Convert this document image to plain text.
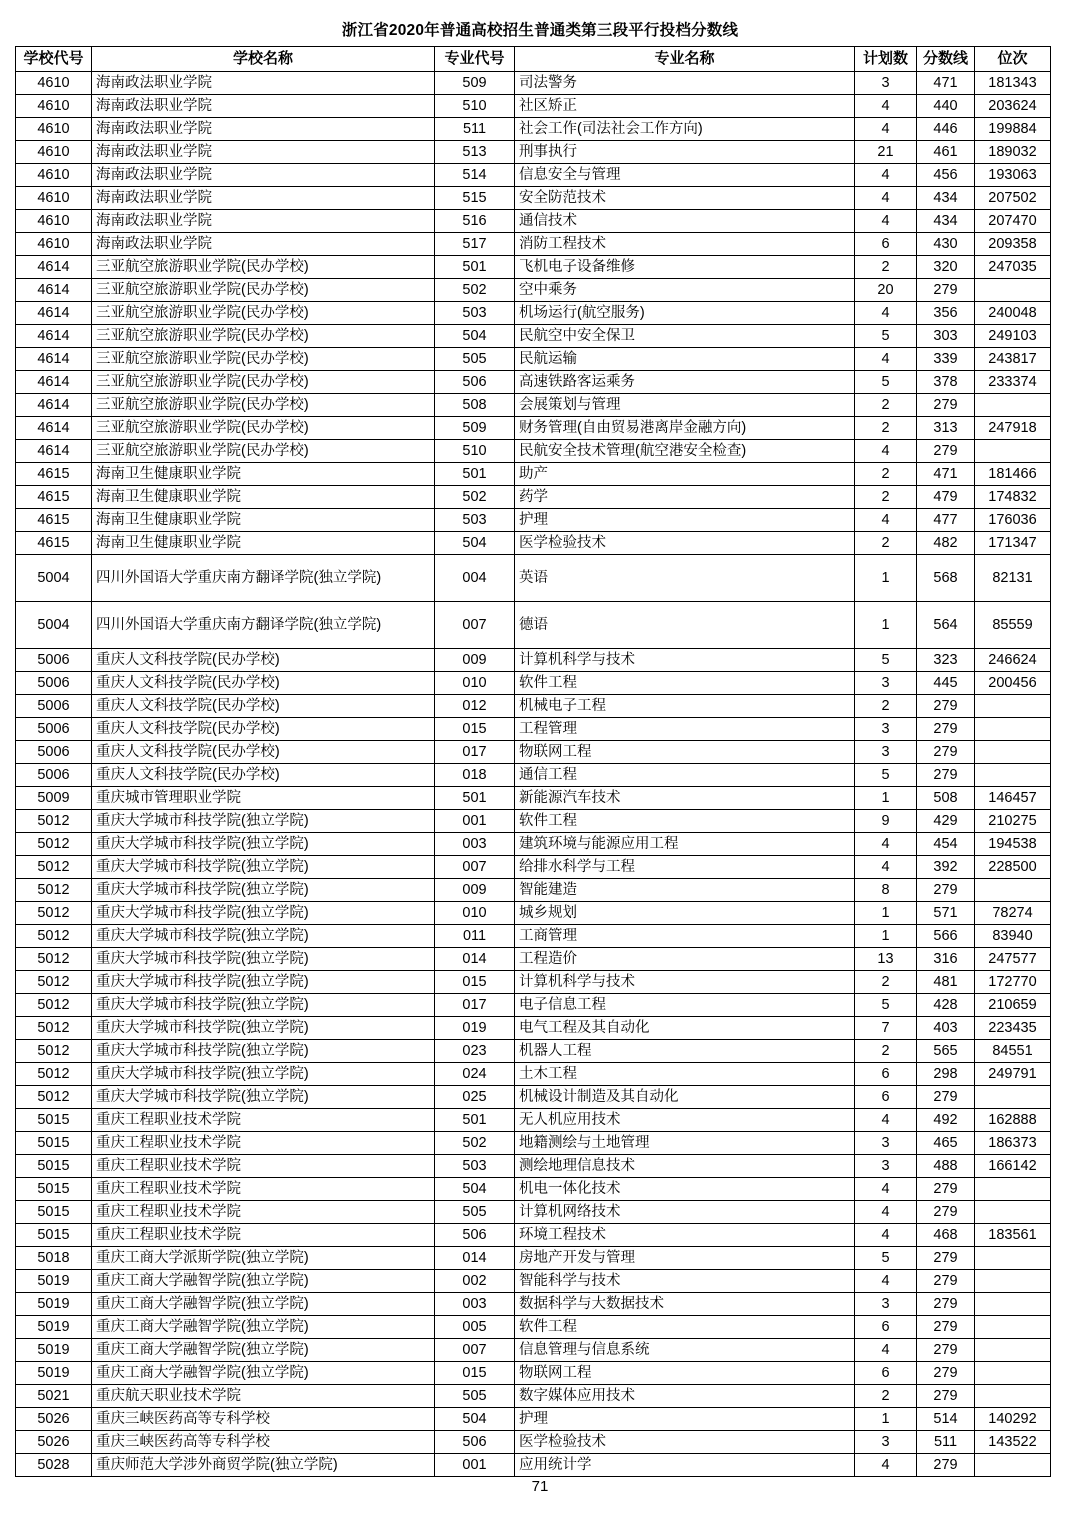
浙江省2020年普通高校招生普通类第三段平行投档分数线
学校代号	学校名称	专业代号	专业名称	计划数	分数线	位次
4610	海南政法职业学院	509	司法警务	3	471	181343
4610	海南政法职业学院	510	社区矫正	4	440	203624
4610	海南政法职业学院	511	社会工作(司法社会工作方向)	4	446	199884
4610	海南政法职业学院	513	刑事执行	21	461	189032
4610	海南政法职业学院	514	信息安全与管理	4	456	193063
4610	海南政法职业学院	515	安全防范技术	4	434	207502
4610	海南政法职业学院	516	通信技术	4	434	207470
4610	海南政法职业学院	517	消防工程技术	6	430	209358
4614	三亚航空旅游职业学院(民办学校)	501	飞机电子设备维修	2	320	247035
4614	三亚航空旅游职业学院(民办学校)	502	空中乘务	20	279	
4614	三亚航空旅游职业学院(民办学校)	503	机场运行(航空服务)	4	356	240048
4614	三亚航空旅游职业学院(民办学校)	504	民航空中安全保卫	5	303	249103
4614	三亚航空旅游职业学院(民办学校)	505	民航运输	4	339	243817
4614	三亚航空旅游职业学院(民办学校)	506	高速铁路客运乘务	5	378	233374
4614	三亚航空旅游职业学院(民办学校)	508	会展策划与管理	2	279	
4614	三亚航空旅游职业学院(民办学校)	509	财务管理(自由贸易港离岸金融方向)	2	313	247918
4614	三亚航空旅游职业学院(民办学校)	510	民航安全技术管理(航空港安全检查)	4	279	
4615	海南卫生健康职业学院	501	助产	2	471	181466
4615	海南卫生健康职业学院	502	药学	2	479	174832
4615	海南卫生健康职业学院	503	护理	4	477	176036
4615	海南卫生健康职业学院	504	医学检验技术	2	482	171347
5004	四川外国语大学重庆南方翻译学院(独立学院)	004	英语	1	568	82131
5004	四川外国语大学重庆南方翻译学院(独立学院)	007	德语	1	564	85559
5006	重庆人文科技学院(民办学校)	009	计算机科学与技术	5	323	246624
5006	重庆人文科技学院(民办学校)	010	软件工程	3	445	200456
5006	重庆人文科技学院(民办学校)	012	机械电子工程	2	279	
5006	重庆人文科技学院(民办学校)	015	工程管理	3	279	
5006	重庆人文科技学院(民办学校)	017	物联网工程	3	279	
5006	重庆人文科技学院(民办学校)	018	通信工程	5	279	
5009	重庆城市管理职业学院	501	新能源汽车技术	1	508	146457
5012	重庆大学城市科技学院(独立学院)	001	软件工程	9	429	210275
5012	重庆大学城市科技学院(独立学院)	003	建筑环境与能源应用工程	4	454	194538
5012	重庆大学城市科技学院(独立学院)	007	给排水科学与工程	4	392	228500
5012	重庆大学城市科技学院(独立学院)	009	智能建造	8	279	
5012	重庆大学城市科技学院(独立学院)	010	城乡规划	1	571	78274
5012	重庆大学城市科技学院(独立学院)	011	工商管理	1	566	83940
5012	重庆大学城市科技学院(独立学院)	014	工程造价	13	316	247577
5012	重庆大学城市科技学院(独立学院)	015	计算机科学与技术	2	481	172770
5012	重庆大学城市科技学院(独立学院)	017	电子信息工程	5	428	210659
5012	重庆大学城市科技学院(独立学院)	019	电气工程及其自动化	7	403	223435
5012	重庆大学城市科技学院(独立学院)	023	机器人工程	2	565	84551
5012	重庆大学城市科技学院(独立学院)	024	土木工程	6	298	249791
5012	重庆大学城市科技学院(独立学院)	025	机械设计制造及其自动化	6	279	
5015	重庆工程职业技术学院	501	无人机应用技术	4	492	162888
5015	重庆工程职业技术学院	502	地籍测绘与土地管理	3	465	186373
5015	重庆工程职业技术学院	503	测绘地理信息技术	3	488	166142
5015	重庆工程职业技术学院	504	机电一体化技术	4	279	
5015	重庆工程职业技术学院	505	计算机网络技术	4	279	
5015	重庆工程职业技术学院	506	环境工程技术	4	468	183561
5018	重庆工商大学派斯学院(独立学院)	014	房地产开发与管理	5	279	
5019	重庆工商大学融智学院(独立学院)	002	智能科学与技术	4	279	
5019	重庆工商大学融智学院(独立学院)	003	数据科学与大数据技术	3	279	
5019	重庆工商大学融智学院(独立学院)	005	软件工程	6	279	
5019	重庆工商大学融智学院(独立学院)	007	信息管理与信息系统	4	279	
5019	重庆工商大学融智学院(独立学院)	015	物联网工程	6	279	
5021	重庆航天职业技术学院	505	数字媒体应用技术	2	279	
5026	重庆三峡医药高等专科学校	504	护理	1	514	140292
5026	重庆三峡医药高等专科学校	506	医学检验技术	3	511	143522
5028	重庆师范大学涉外商贸学院(独立学院)	001	应用统计学	4	279	
71
